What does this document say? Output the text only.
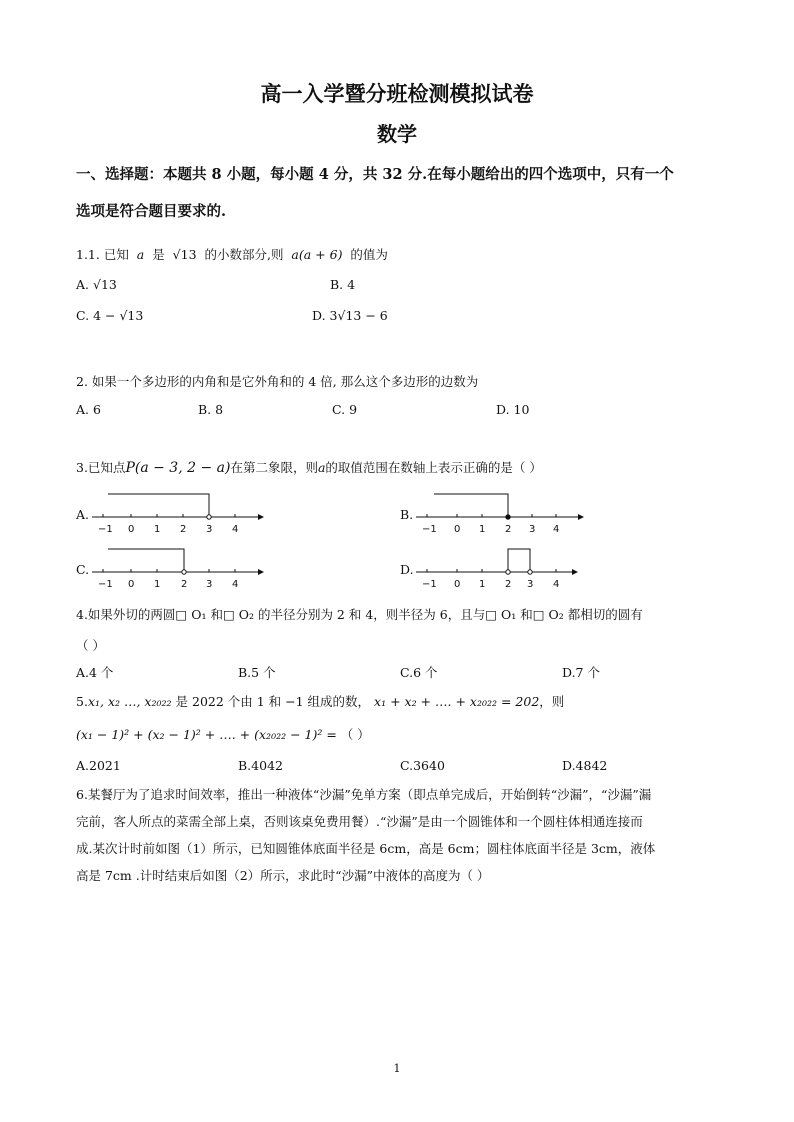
高一入学暨分班检测模拟试卷
数学
一、选择题：本题共 8 小题，每小题 4 分，共 32 分.在每小题给出的四个选项中，只有一个
选项是符合题目要求的.
1.1. 已知 a 是 √13 的小数部分,则 a(a + 6) 的值为
A. √13	B. 4
C. 4 − √13	D. 3√13 − 6
2. 如果一个多边形的内角和是它外角和的 4 倍, 那么这个多边形的边数为
A. 6	B. 8	C. 9	D. 10
3.已知点P(a − 3, 2 − a)在第二象限，则a的取值范围在数轴上表示正确的是（ ）
A.	B.
C.	D.
−1 0 1 2 3 4	−1 0 1 2 3 4
−1 0 1 2 3 4	−1 0 1 2 3 4
4.如果外切的两圆□ O₁ 和□ O₂ 的半径分别为 2 和 4，则半径为 6，且与□ O₁ 和□ O₂ 都相切的圆有
（ ）
A.4 个	B.5 个	C.6 个	D.7 个
5.x₁, x₂ …, x₂₀₂₂ 是 2022 个由 1 和 −1 组成的数， x₁ + x₂ + …. + x₂₀₂₂ = 202，则
(x₁ − 1)² + (x₂ − 1)² + …. + (x₂₀₂₂ − 1)² = （ ）
A.2021	B.4042	C.3640	D.4842
6.某餐厅为了追求时间效率，推出一种液体“沙漏”免单方案（即点单完成后，开始倒转“沙漏”，“沙漏”漏
完前，客人所点的菜需全部上桌，否则该桌免费用餐）.“沙漏”是由一个圆锥体和一个圆柱体相通连接而
成.某次计时前如图（1）所示，已知圆锥体底面半径是 6cm，高是 6cm；圆柱体底面半径是 3cm，液体
高是 7cm .计时结束后如图（2）所示，求此时“沙漏”中液体的高度为（ ）
1
